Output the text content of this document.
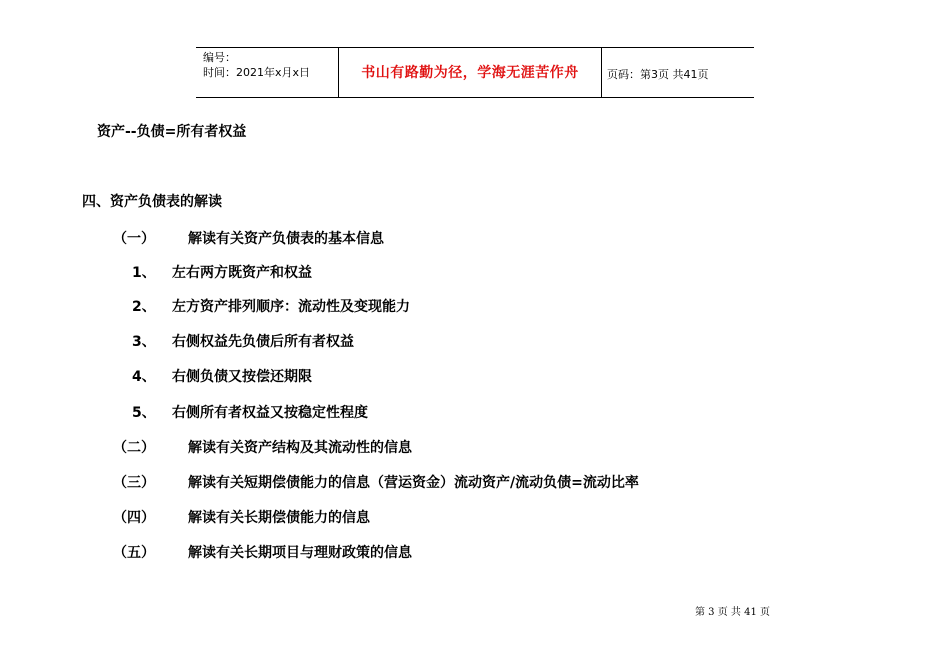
编号：
时间：2021年x月x日	书山有路勤为径，学海无涯苦作舟	页码：第3页 共41页
资产--负债=所有者权益
四、资产负债表的解读
（一） 解读有关资产负债表的基本信息
1、 左右两方既资产和权益
2、 左方资产排列顺序：流动性及变现能力
3、 右侧权益先负债后所有者权益
4、 右侧负债又按偿还期限
5、 右侧所有者权益又按稳定性程度
（二） 解读有关资产结构及其流动性的信息
（三） 解读有关短期偿债能力的信息（营运资金）流动资产/流动负债=流动比率
（四） 解读有关长期偿债能力的信息
（五） 解读有关长期项目与理财政策的信息
第 3 页 共 41 页
